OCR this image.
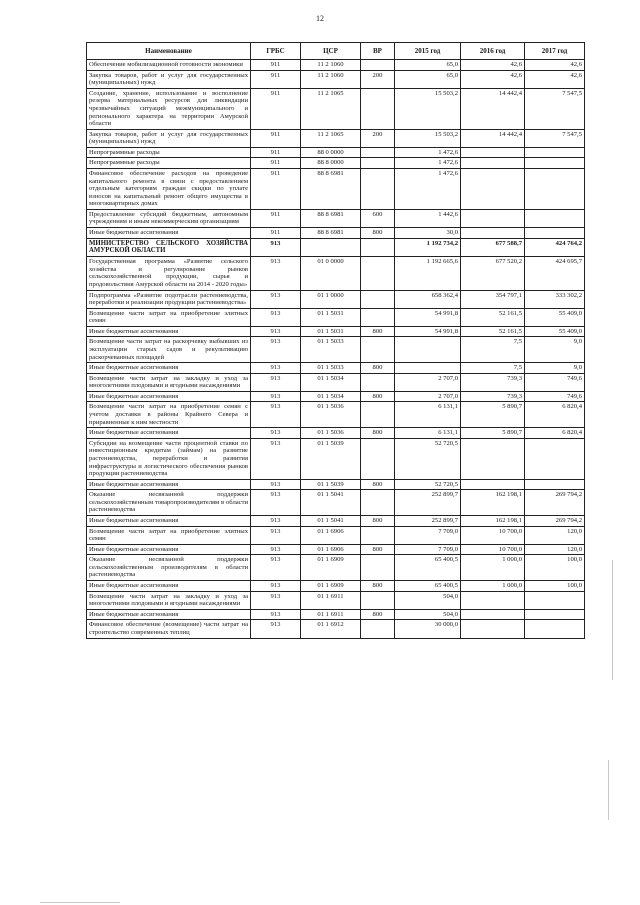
12
Наименование	ГРБС	ЦСР	ВР	2015 год	2016 год	2017 год
Обеспечение мобилизационной готовности экономики	911	11 2 1060		65,0	42,6	42,6
Закупка товаров, работ и услуг для государственных (муниципальных) нужд	911	11 2 1060	200	65,0	42,6	42,6
Создание, хранение, использование и восполнение резерва материальных ресурсов для ликвидации чрезвычайных ситуаций межмуниципального и регионального характера на территории Амурской области	911	11 2 1065		15 503,2	14 442,4	7 547,5
Закупка товаров, работ и услуг для государственных (муниципальных) нужд	911	11 2 1065	200	15 503,2	14 442,4	7 547,5
Непрограммные расходы	911	88 0 0000		1 472,6		
Непрограммные расходы	911	88 8 0000		1 472,6		
Финансовое обеспечение расходов на проведение капитального ремонта в связи с предоставлением отдельным категориям граждан скидки по уплате взносов на капитальный ремонт общего имущества в многоквартирных домах	911	88 8 6981		1 472,6		
Предоставление субсидий бюджетным, автономным учреждениям и иным некоммерческим организациям	911	88 8 6981	600	1 442,6		
Иные бюджетные ассигнования	911	88 8 6981	800	30,0		
МИНИСТЕРСТВО СЕЛЬСКОГО ХОЗЯЙСТВА АМУРСКОЙ ОБЛАСТИ	913			1 192 734,2	677 588,7	424 764,2
Государственная программа «Развитие сельского хозяйства и регулирование рынков сельскохозяйственной продукции, сырья и продовольствия Амурской области на 2014 - 2020 годы»	913	01 0 0000		1 192 665,6	677 520,2	424 695,7
Подпрограмма «Развитие подотрасли растениеводства, переработки и реализации продукции растениеводства»	913	01 1 0000		658 362,4	354 797,1	333 302,2
Возмещение части затрат на приобретение элитных семян	913	01 1 5031		54 991,8	52 161,5	55 409,0
Иные бюджетные ассигнования	913	01 1 5031	800	54 991,8	52 161,5	55 409,0
Возмещение части затрат на раскорчевку выбывших из эксплуатации старых садов и рекультивацию раскорчеванных площадей	913	01 1 5033			7,5	9,0
Иные бюджетные ассигнования	913	01 1 5033	800		7,5	9,0
Возмещение части затрат на закладку и уход за многолетними плодовыми и ягодными насаждениями	913	01 1 5034		2 707,0	739,3	749,6
Иные бюджетные ассигнования	913	01 1 5034	800	2 707,0	739,3	749,6
Возмещение части затрат на приобретение семян с учетом доставки в районы Крайнего Севера и приравненные к ним местности	913	01 1 5036		6 131,1	5 890,7	6 820,4
Иные бюджетные ассигнования	913	01 1 5036	800	6 131,1	5 890,7	6 820,4
Субсидии на возмещение части процентной ставки по инвестиционным кредитам (займам) на развитие растениеводства, переработки и развития инфраструктуры и логистического обеспечения рынков продукции растениеводства	913	01 1 5039		52 720,5		
Иные бюджетные ассигнования	913	01 1 5039	800	52 720,5		
Оказание несвязанной поддержки сельскохозяйственным товаропроизводителям в области растениеводства	913	01 1 5041		252 899,7	162 198,1	269 794,2
Иные бюджетные ассигнования	913	01 1 5041	800	252 899,7	162 198,1	269 794,2
Возмещение части затрат на приобретение элитных семян	913	01 1 6906		7 709,0	10 700,0	120,0
Иные бюджетные ассигнования	913	01 1 6906	800	7 709,0	10 700,0	120,0
Оказание несвязанной поддержки сельскохозяйственным производителям в области растениеводства	913	01 1 6909		65 400,5	1 000,0	100,0
Иные бюджетные ассигнования	913	01 1 6909	800	65 400,5	1 000,0	100,0
Возмещение части затрат на закладку и уход за многолетними плодовыми и ягодными насаждениями	913	01 1 6911		504,0		
Иные бюджетные ассигнования	913	01 1 6911	800	504,0		
Финансовое обеспечение (возмещение) части затрат на строительство современных теплиц	913	01 1 6912		30 000,0		
